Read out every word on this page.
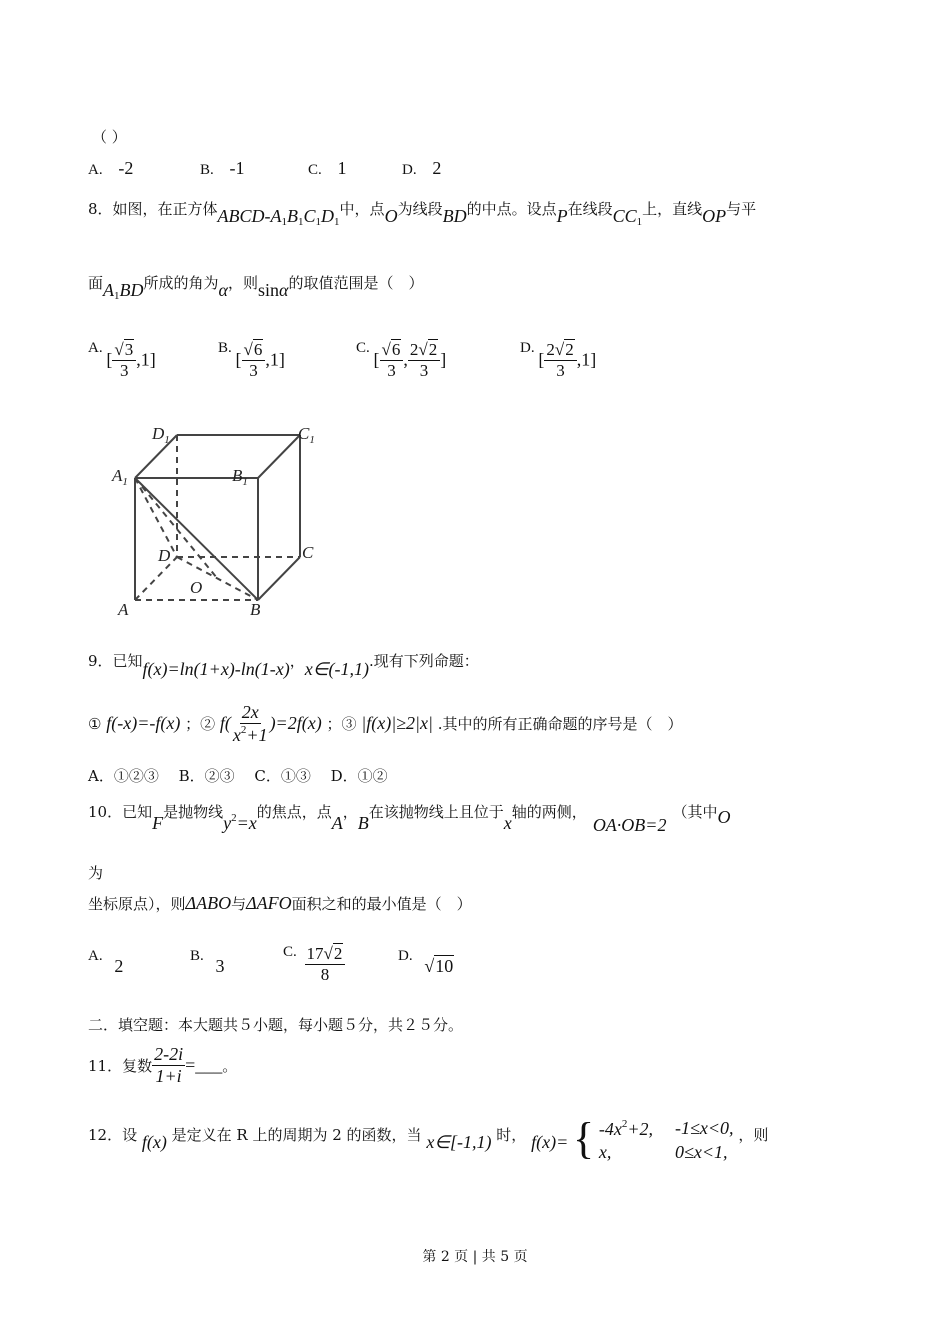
（ ）
A. -2	B. -1	C. 1	D. 2
8．如图，在正方体ABCD-$A_1B_1C_1D_1$中，点O为线段BD的中点。设点P在线段$CC_1$上，直线OP与平
面$A_1BD$所成的角为α，则sinα的取值范围是（　）
A. [ $\frac{√3}{3} ,1$]
B. [ $\frac{√6}{3} ,1$]
C. [ $\frac{√6}{3}$ , $\frac{2√2}{3}$ ]
D. [ $\frac{2√2}{3} ,1$]
$D_1$	$C_1$
$A_1$	$B_1$
D	C
O
A	B
9．已知f(x)=ln(1+x)-ln(1-x)，x∈(-1,1).现有下列命题：
① f(-x)=-f(x) ；② $f( \frac{2x}{x^2+1} )=2f(x)$ ；③ |f(x)|≥2|x| .其中的所有正确命题的序号是（　）
A．①②③　 B．②③　 C．①③　 D．①②
10．已知F是抛物线$y^2=x$的焦点，点A，B在该抛物线上且位于x轴的两侧，OA·OB=2（其中O
为
坐标原点），则ΔABO与ΔAFO面积之和的最小值是（　）
A. 2	B. 3
C. $\frac{17√2}{8}$	D. √10
二．填空题：本大题共５小题，每小题５分，共２５分。
11．复数 $\frac{2-2i}{1+i}$ =___。
12．设 f(x) 是定义在 R 上的周期为 2 的函数，当 x∈[-1,1) 时， f(x)= { $-4x^2+2$, -1≤x<0,
x,	0≤x<1,
，则
第 2 页 | 共 5 页
